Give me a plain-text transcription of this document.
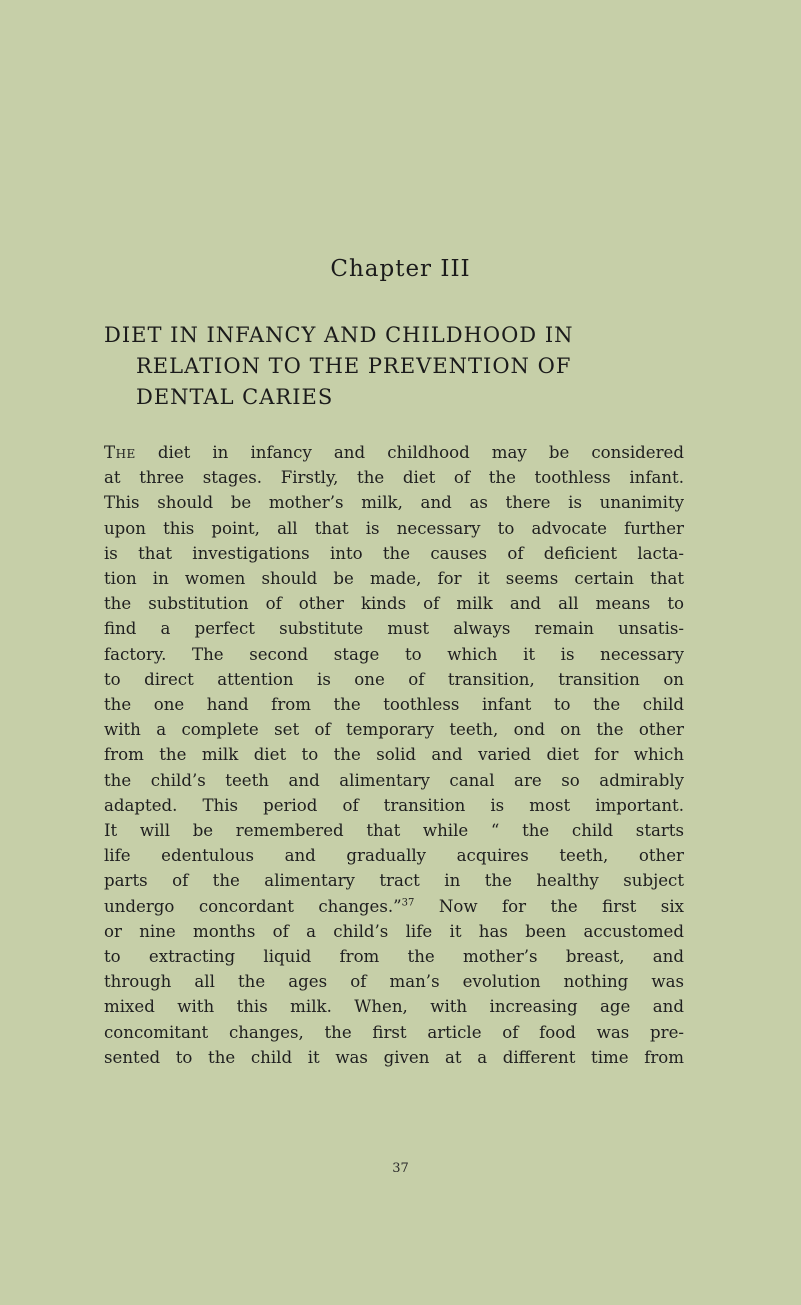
Chapter III
DIET IN INFANCY AND CHILDHOOD IN
RELATION TO THE PREVENTION OF
DENTAL CARIES
The diet in infancy and childhood may be considered
at three stages. Firstly, the diet of the toothless infant.
This should be mother’s milk, and as there is unanimity
upon this point, all that is necessary to advocate further
is that investigations into the causes of deficient lacta-
tion in women should be made, for it seems certain that
the substitution of other kinds of milk and all means to
find a perfect substitute must always remain unsatis-
factory. The second stage to which it is necessary
to direct attention is one of transition, transition on
the one hand from the toothless infant to the child
with a complete set of temporary teeth, ond on the other
from the milk diet to the solid and varied diet for which
the child’s teeth and alimentary canal are so admirably
adapted. This period of transition is most important.
It will be remembered that while “ the child starts
life edentulous and gradually acquires teeth, other
parts of the alimentary tract in the healthy subject
undergo concordant changes.”$^{37}$ Now for the first six
or nine months of a child’s life it has been accustomed
to extracting liquid from the mother’s breast, and
through all the ages of man’s evolution nothing was
mixed with this milk. When, with increasing age and
concomitant changes, the first article of food was pre-
sented to the child it was given at a different time from
37
